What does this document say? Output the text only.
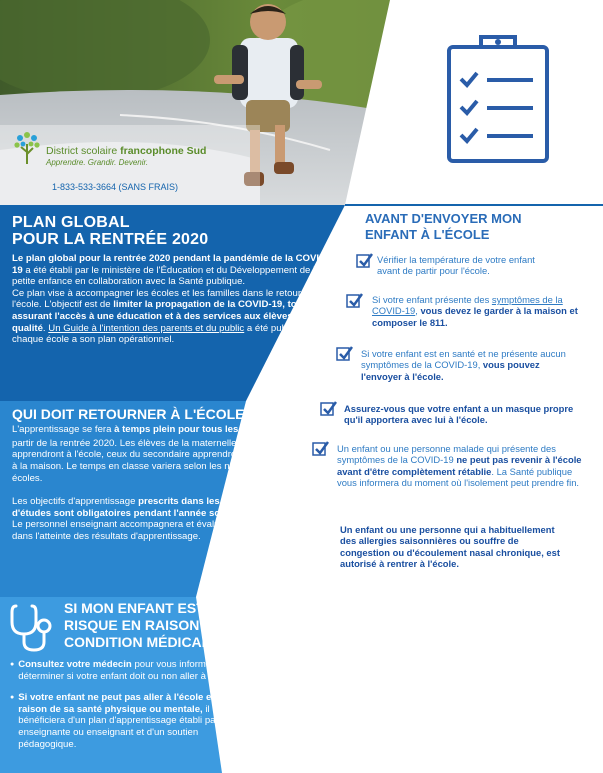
District scolaire francophone Sud
Apprendre. Grandir. Devenir.
1-833-533-3664 (SANS FRAIS)
PLAN GLOBAL
POUR LA RENTRÉE 2020

Le plan global pour la rentrée 2020 pendant la pandémie de la COVID-19 a été établi par le ministère de l'Éducation et du Développement de la petite enfance en collaboration avec la Santé publique.

Ce plan vise à accompagner les écoles et les familles dans le retour à l'école. L'objectif est de limiter la propagation de la COVID-19, tout en assurant l'accès à une éducation et à des services aux élèves de qualité. Un Guide à l'intention des parents et du public a été publié et chaque école a son plan opérationnel.

QUI DOIT RETOURNER À L'ÉCOLE ?

L'apprentissage se fera à temps plein pour tous les élèves à partir de la rentrée 2020. Les élèves de la maternelle à la 8e année apprendront à l'école, ceux du secondaire apprendront à l'école et à la maison. Le temps en classe variera selon les niveaux et les écoles.

Les objectifs d'apprentissage prescrits dans les programmes d'études sont obligatoires pendant l'année scolaire 2020-2021. Le personnel enseignant accompagnera et évaluera les élèves dans l'atteinte des résultats d'apprentissage.

SI MON ENFANT EST À
RISQUE EN RAISON D'UNE
CONDITION MÉDICALE ?
● Consultez votre médecin pour vous informer et déterminer si votre enfant doit ou non aller à l'école.
● Si votre enfant ne peut pas aller à l'école en raison de sa santé physique ou mentale, il bénéficiera d'un plan d'apprentissage établi par son enseignante ou enseignant et d'un soutien pédagogique.
AVANT D'ENVOYER MON
ENFANT À L'ÉCOLE
Vérifier la température de votre enfant avant de partir pour l'école.
Si votre enfant présente des symptômes de la COVID-19, vous devez le garder à la maison et composer le 811.
Si votre enfant est en santé et ne présente aucun symptômes de la COVID-19, vous pouvez l'envoyer à l'école.
Assurez-vous que votre enfant a un masque propre qu'il apportera avec lui à l'école.
Un enfant ou une personne malade qui présente des symptômes de la COVID-19 ne peut pas revenir à l'école avant d'être complètement rétablie. La Santé publique vous informera du moment où l'isolement peut prendre fin.
Un enfant ou une personne qui a habituellement des allergies saisonnières ou souffre de congestion ou d'écoulement nasal chronique, est autorisé à rentrer à l'école.
